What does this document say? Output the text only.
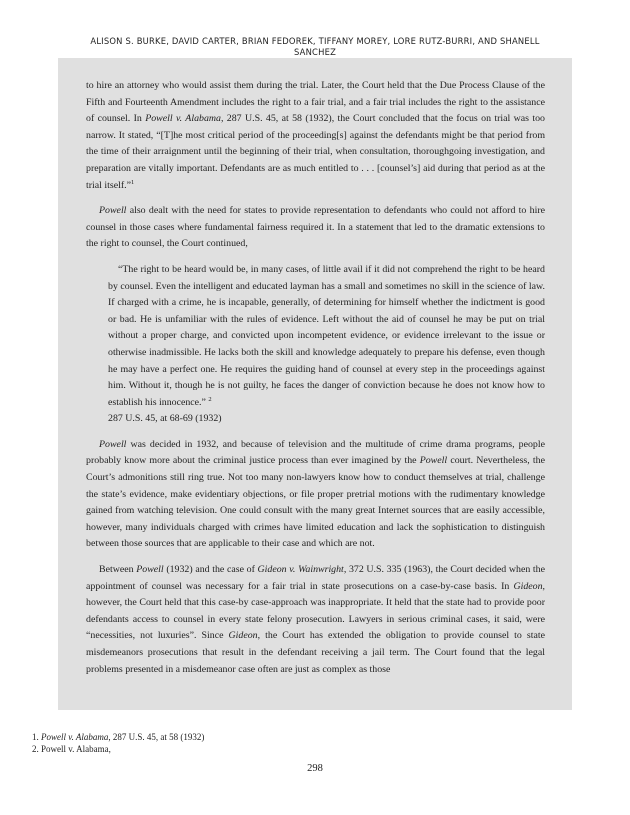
ALISON S. BURKE, DAVID CARTER, BRIAN FEDOREK, TIFFANY MOREY, LORE RUTZ-BURRI, AND SHANELL
SANCHEZ

to hire an attorney who would assist them during the trial. Later, the Court held that the Due Process Clause of the Fifth and Fourteenth Amendment includes the right to a fair trial, and a fair trial includes the right to the assistance of counsel. In Powell v. Alabama, 287 U.S. 45, at 58 (1932), the Court concluded that the focus on trial was too narrow. It stated, “[T]he most critical period of the proceeding[s] against the defendants might be that period from the time of their arraignment until the beginning of their trial, when consultation, thoroughgoing investigation, and preparation are vitally important. Defendants are as much entitled to . . . [counsel’s] aid during that period as at the trial itself.”$^1$

Powell also dealt with the need for states to provide representation to defendants who could not afford to hire counsel in those cases where fundamental fairness required it. In a statement that led to the dramatic extensions to the right to counsel, the Court continued,

“The right to be heard would be, in many cases, of little avail if it did not comprehend the right to be heard by counsel. Even the intelligent and educated layman has a small and sometimes no skill in the science of law. If charged with a crime, he is incapable, generally, of determining for himself whether the indictment is good or bad. He is unfamiliar with the rules of evidence. Left without the aid of counsel he may be put on trial without a proper charge, and convicted upon incompetent evidence, or evidence irrelevant to the issue or otherwise inadmissible. He lacks both the skill and knowledge adequately to prepare his defense, even though he may have a perfect one. He requires the guiding hand of counsel at every step in the proceedings against him. Without it, though he is not guilty, he faces the danger of conviction because he does not know how to establish his innocence.” $^2$

287 U.S. 45, at 68-69 (1932)

Powell was decided in 1932, and because of television and the multitude of crime drama programs, people probably know more about the criminal justice process than ever imagined by the Powell court. Nevertheless, the Court’s admonitions still ring true. Not too many non-lawyers know how to conduct themselves at trial, challenge the state’s evidence, make evidentiary objections, or file proper pretrial motions with the rudimentary knowledge gained from watching television. One could consult with the many great Internet sources that are easily accessible, however, many individuals charged with crimes have limited education and lack the sophistication to distinguish between those sources that are applicable to their case and which are not.

Between Powell (1932) and the case of Gideon v. Wainwright, 372 U.S. 335 (1963), the Court decided when the appointment of counsel was necessary for a fair trial in state prosecutions on a case-by-case basis. In Gideon, however, the Court held that this case-by case-approach was inappropriate. It held that the state had to provide poor defendants access to counsel in every state felony prosecution. Lawyers in serious criminal cases, it said, were “necessities, not luxuries”. Since Gideon, the Court has extended the obligation to provide counsel to state misdemeanors prosecutions that result in the defendant receiving a jail term. The Court found that the legal problems presented in a misdemeanor case often are just as complex as those

1. Powell v. Alabama, 287 U.S. 45, at 58 (1932)
2. Powell v. Alabama,
298
